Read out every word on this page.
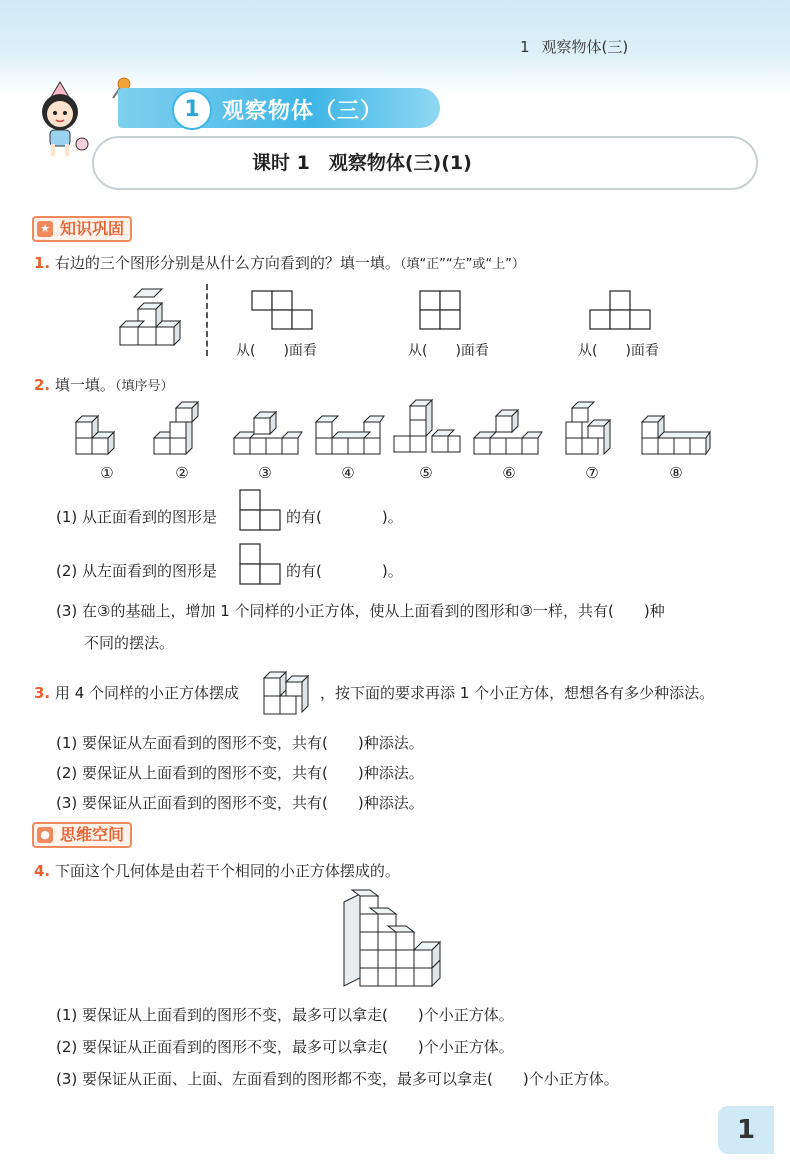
1 观察物体(三)
1	观察物体（三）
课时 1　观察物体(三)(1)
★ 知识巩固
1. 右边的三个图形分别是从什么方向看到的？填一填。（填“正”“左”或“上”）
从(　　)面看	从(　　)面看	从(　　)面看
2. 填一填。（填序号）
①	②	③	④	⑤	⑥	⑦	⑧
(1) 从正面看到的图形是	的有(　　　　)。
(2) 从左面看到的图形是	的有(　　　　)。
(3) 在③的基础上，增加 1 个同样的小正方体，使从上面看到的图形和③一样，共有(　　)种
不同的摆法。
3. 用 4 个同样的小正方体摆成	，按下面的要求再添 1 个小正方体，想想各有多少种添法。
(1) 要保证从左面看到的图形不变，共有(　　)种添法。
(2) 要保证从上面看到的图形不变，共有(　　)种添法。
(3) 要保证从正面看到的图形不变，共有(　　)种添法。
● 思维空间
4. 下面这个几何体是由若干个相同的小正方体摆成的。
(1) 要保证从上面看到的图形不变，最多可以拿走(　　)个小正方体。
(2) 要保证从正面看到的图形不变，最多可以拿走(　　)个小正方体。
(3) 要保证从正面、上面、左面看到的图形都不变，最多可以拿走(　　)个小正方体。
1
